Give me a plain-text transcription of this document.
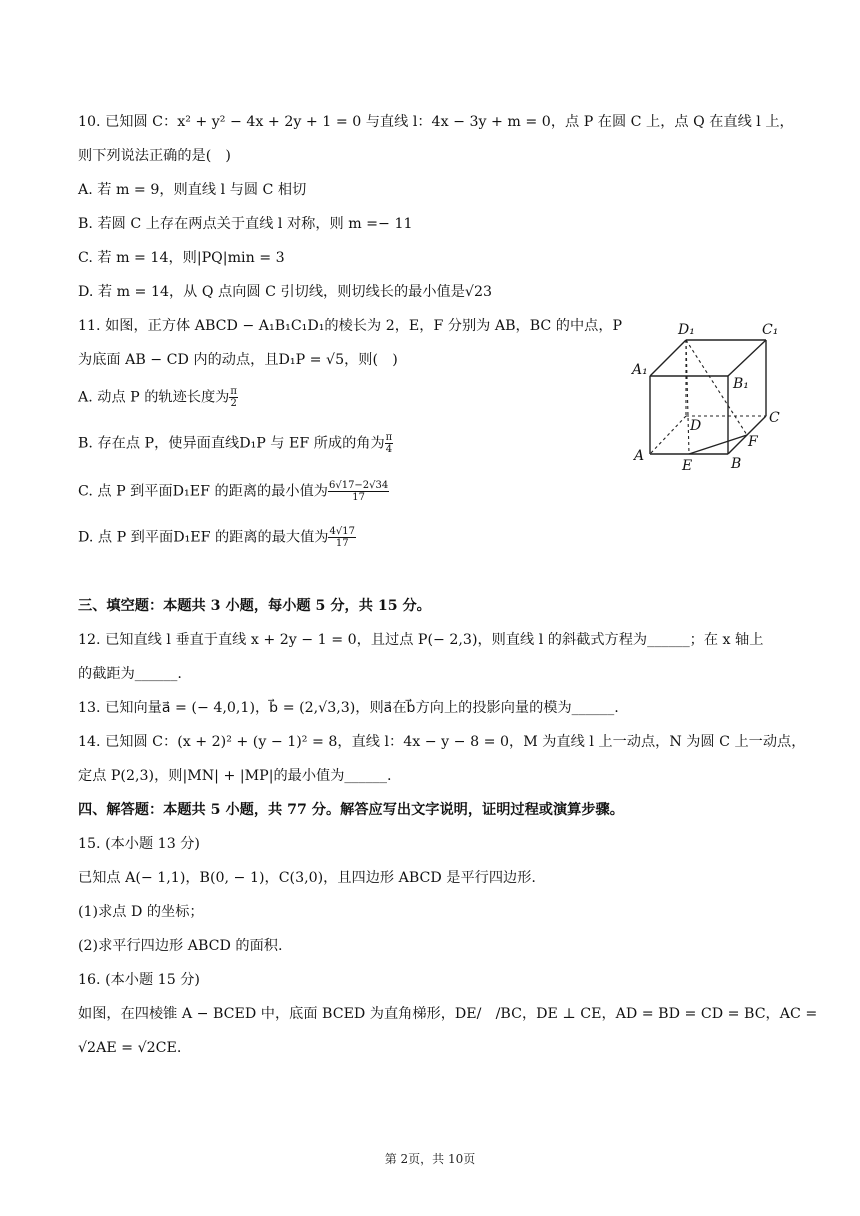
10. 已知圆 C：x² + y² − 4x + 2y + 1 = 0 与直线 l：4x − 3y + m = 0，点 P 在圆 C 上，点 Q 在直线 l 上，
则下列说法正确的是(　)
A. 若 m = 9，则直线 l 与圆 C 相切
B. 若圆 C 上存在两点关于直线 l 对称，则 m =− 11
C. 若 m = 14，则|PQ|min = 3
D. 若 m = 14，从 Q 点向圆 C 引切线，则切线长的最小值是√23
11. 如图，正方体 ABCD − A₁B₁C₁D₁的棱长为 2，E，F 分别为 AB，BC 的中点，P
为底面 AB − CD 内的动点，且D₁P = √5，则(　)
A. 动点 P 的轨迹长度为 $\frac{\pi}{2}$
B. 存在点 P，使异面直线D₁P 与 EF 所成的角为 $\frac{\pi}{4}$
C. 点 P 到平面D₁EF 的距离的最小值为 $\frac{6√17-2√34}{17}$
D. 点 P 到平面D₁EF 的距离的最大值为 $\frac{4√17}{17}$
D₁	C₁
A₁
B₁
D	C
A	B
E
F
三、填空题：本题共 3 小题，每小题 5 分，共 15 分。
12. 已知直线 l 垂直于直线 x + 2y − 1 = 0，且过点 P(− 2,3)，则直线 l 的斜截式方程为______；在 x 轴上
的截距为______.
13. 已知向量a⃗ = (− 4,0,1)，b⃗ = (2,√3,3)，则a⃗在b⃗方向上的投影向量的模为______.
14. 已知圆 C：(x + 2)² + (y − 1)² = 8，直线 l：4x − y − 8 = 0，M 为直线 l 上一动点，N 为圆 C 上一动点，
定点 P(2,3)，则|MN| + |MP|的最小值为______.
四、解答题：本题共 5 小题，共 77 分。解答应写出文字说明，证明过程或演算步骤。
15. (本小题 13 分)
已知点 A(− 1,1)，B(0, − 1)，C(3,0)，且四边形 ABCD 是平行四边形.
(1)求点 D 的坐标；
(2)求平行四边形 ABCD 的面积.
16. (本小题 15 分)
如图，在四棱锥 A − BCED 中，底面 BCED 为直角梯形，DE/　/BC，DE ⊥ CE，AD = BD = CD = BC，AC =
√2AE = √2CE.
第 2页，共 10页
